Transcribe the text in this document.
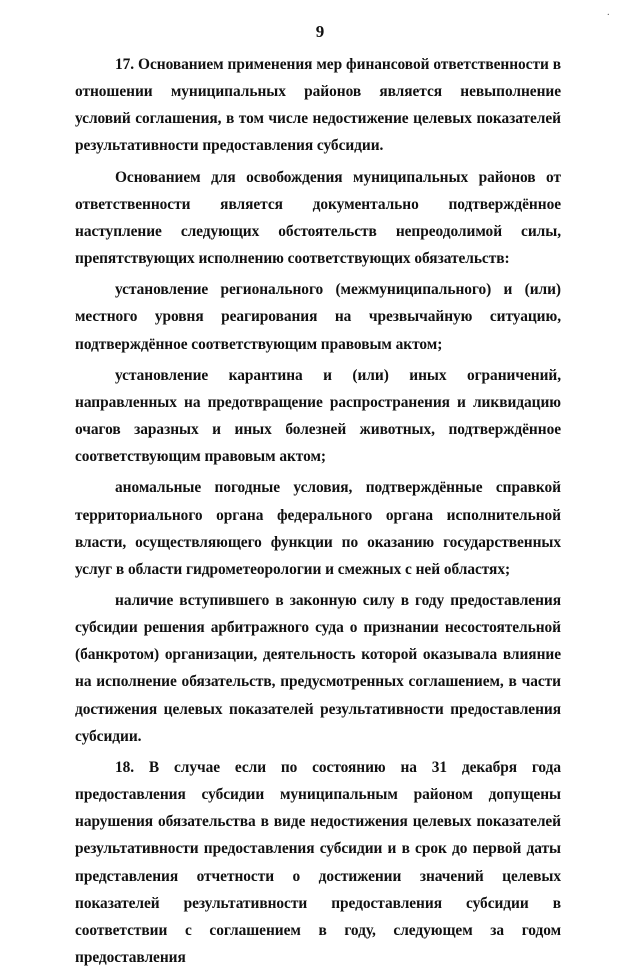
9
·

17. Основанием применения мер финансовой ответственности в отношении муниципальных районов является невыполнение условий соглашения, в том числе недостижение целевых показателей результативности предоставления субсидии.

Основанием для освобождения муниципальных районов от ответственности является документально подтверждённое наступление следующих обстоятельств непреодолимой силы, препятствующих исполнению соответствующих обязательств:

установление регионального (межмуниципального) и (или) местного уровня реагирования на чрезвычайную ситуацию, подтверждённое соответствующим правовым актом;

установление карантина и (или) иных ограничений, направленных на предотвращение распространения и ликвидацию очагов заразных и иных болезней животных, подтверждённое соответствующим правовым актом;

аномальные погодные условия, подтверждённые справкой территориального органа федерального органа исполнительной власти, осуществляющего функции по оказанию государственных услуг в области гидрометеорологии и смежных с ней областях;

наличие вступившего в законную силу в году предоставления субсидии решения арбитражного суда о признании несостоятельной (банкротом) организации, деятельность которой оказывала влияние на исполнение обязательств, предусмотренных соглашением, в части достижения целевых показателей результативности предоставления субсидии.

18. В случае если по состоянию на 31 декабря года предоставления субсидии муниципальным районом допущены нарушения обязательства в виде недостижения целевых показателей результативности предоставления субсидии и в срок до первой даты представления отчетности о достижении значений целевых показателей результативности предоставления субсидии в соответствии с соглашением в году, следующем за годом предоставления
